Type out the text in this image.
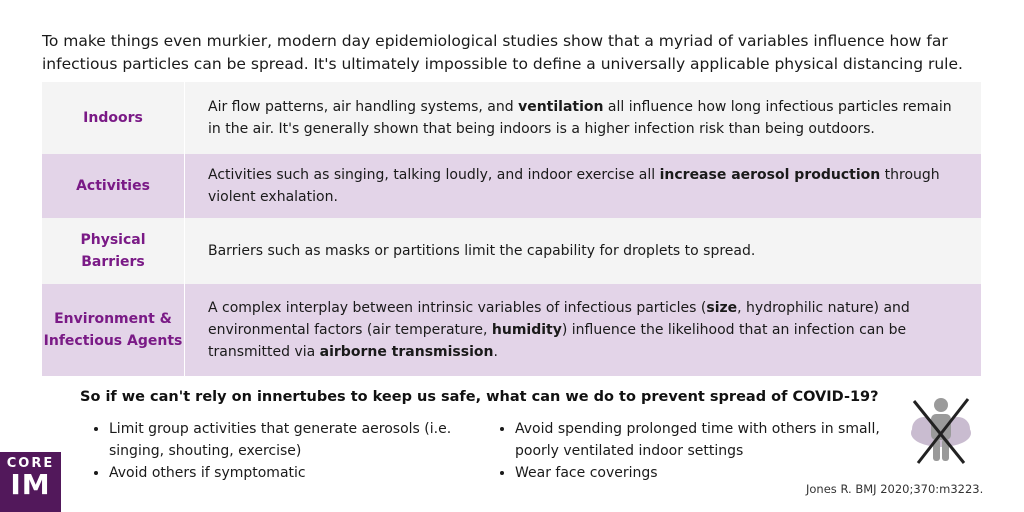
To make things even murkier, modern day epidemiological studies show that a myriad of variables influence how far infectious particles can be spread. It's ultimately impossible to define a universally applicable physical distancing rule.
Indoors
Air flow patterns, air handling systems, and ventilation all influence how long infectious particles remain in the air. It's generally shown that being indoors is a higher infection risk than being outdoors.
Activities
Activities such as singing, talking loudly, and indoor exercise all increase aerosol production through violent exhalation.
Physical
Barriers
Barriers such as masks or partitions limit the capability for droplets to spread.
Environment &
Infectious Agents
A complex interplay between intrinsic variables of infectious particles (size, hydrophilic nature) and environmental factors (air temperature, humidity) influence the likelihood that an infection can be transmitted via airborne transmission.
So if we can't rely on innertubes to keep us safe, what can we do to prevent spread of COVID-19?
• Limit group activities that generate aerosols (i.e. singing, shouting, exercise)
• Avoid others if symptomatic
• Avoid spending prolonged time with others in small, poorly ventilated indoor settings
• Wear face coverings
CORE
IM	Jones R. BMJ 2020;370:m3223.
